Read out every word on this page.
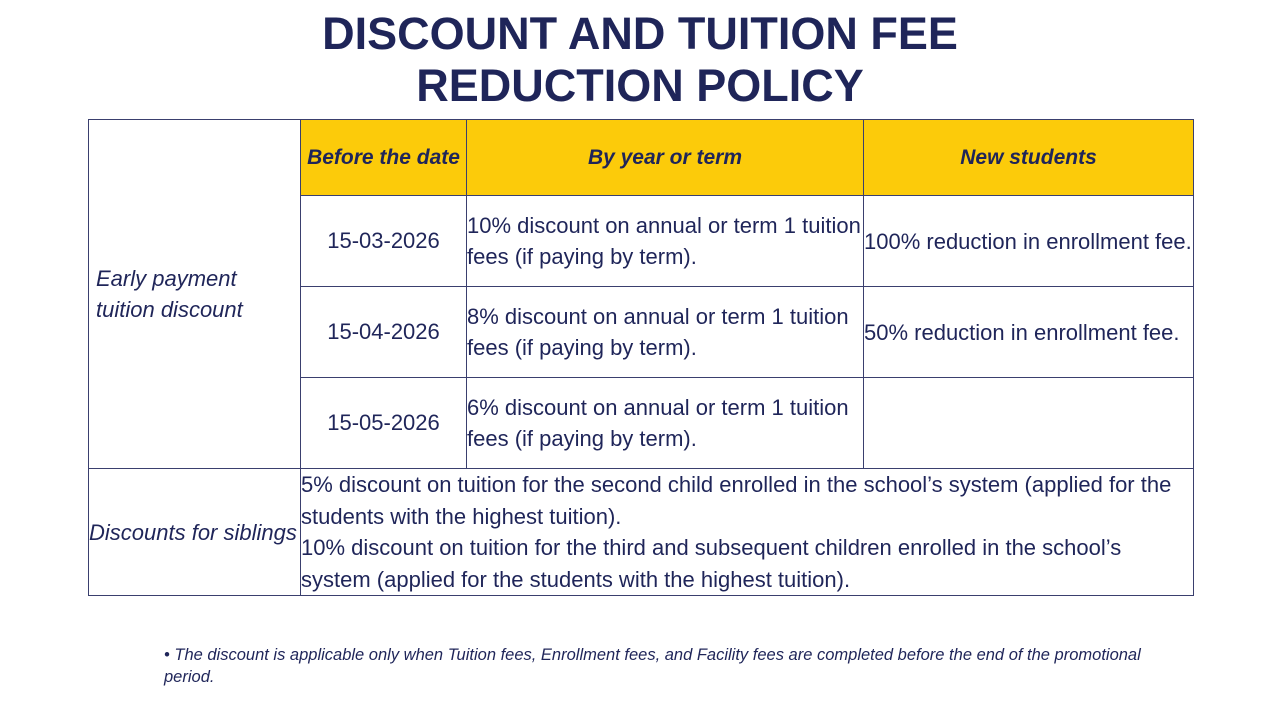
DISCOUNT AND TUITION FEE
REDUCTION POLICY
Early payment tuition discount	Before the date	By year or term	New students
	15-03-2026	10% discount on annual or term 1 tuition fees (if paying by term).	100% reduction in enrollment fee.
	15-04-2026	8% discount on annual or term 1 tuition fees (if paying by term).	50% reduction in enrollment fee.
	15-05-2026	6% discount on annual or term 1 tuition fees (if paying by term).	
Discounts for siblings	5% discount on tuition for the second child enrolled in the school’s system (applied for the students with the highest tuition).
10% discount on tuition for the third and subsequent children enrolled in the school’s system (applied for the students with the highest tuition).		
• The discount is applicable only when Tuition fees, Enrollment fees, and Facility fees are completed before the end of the promotional period.
